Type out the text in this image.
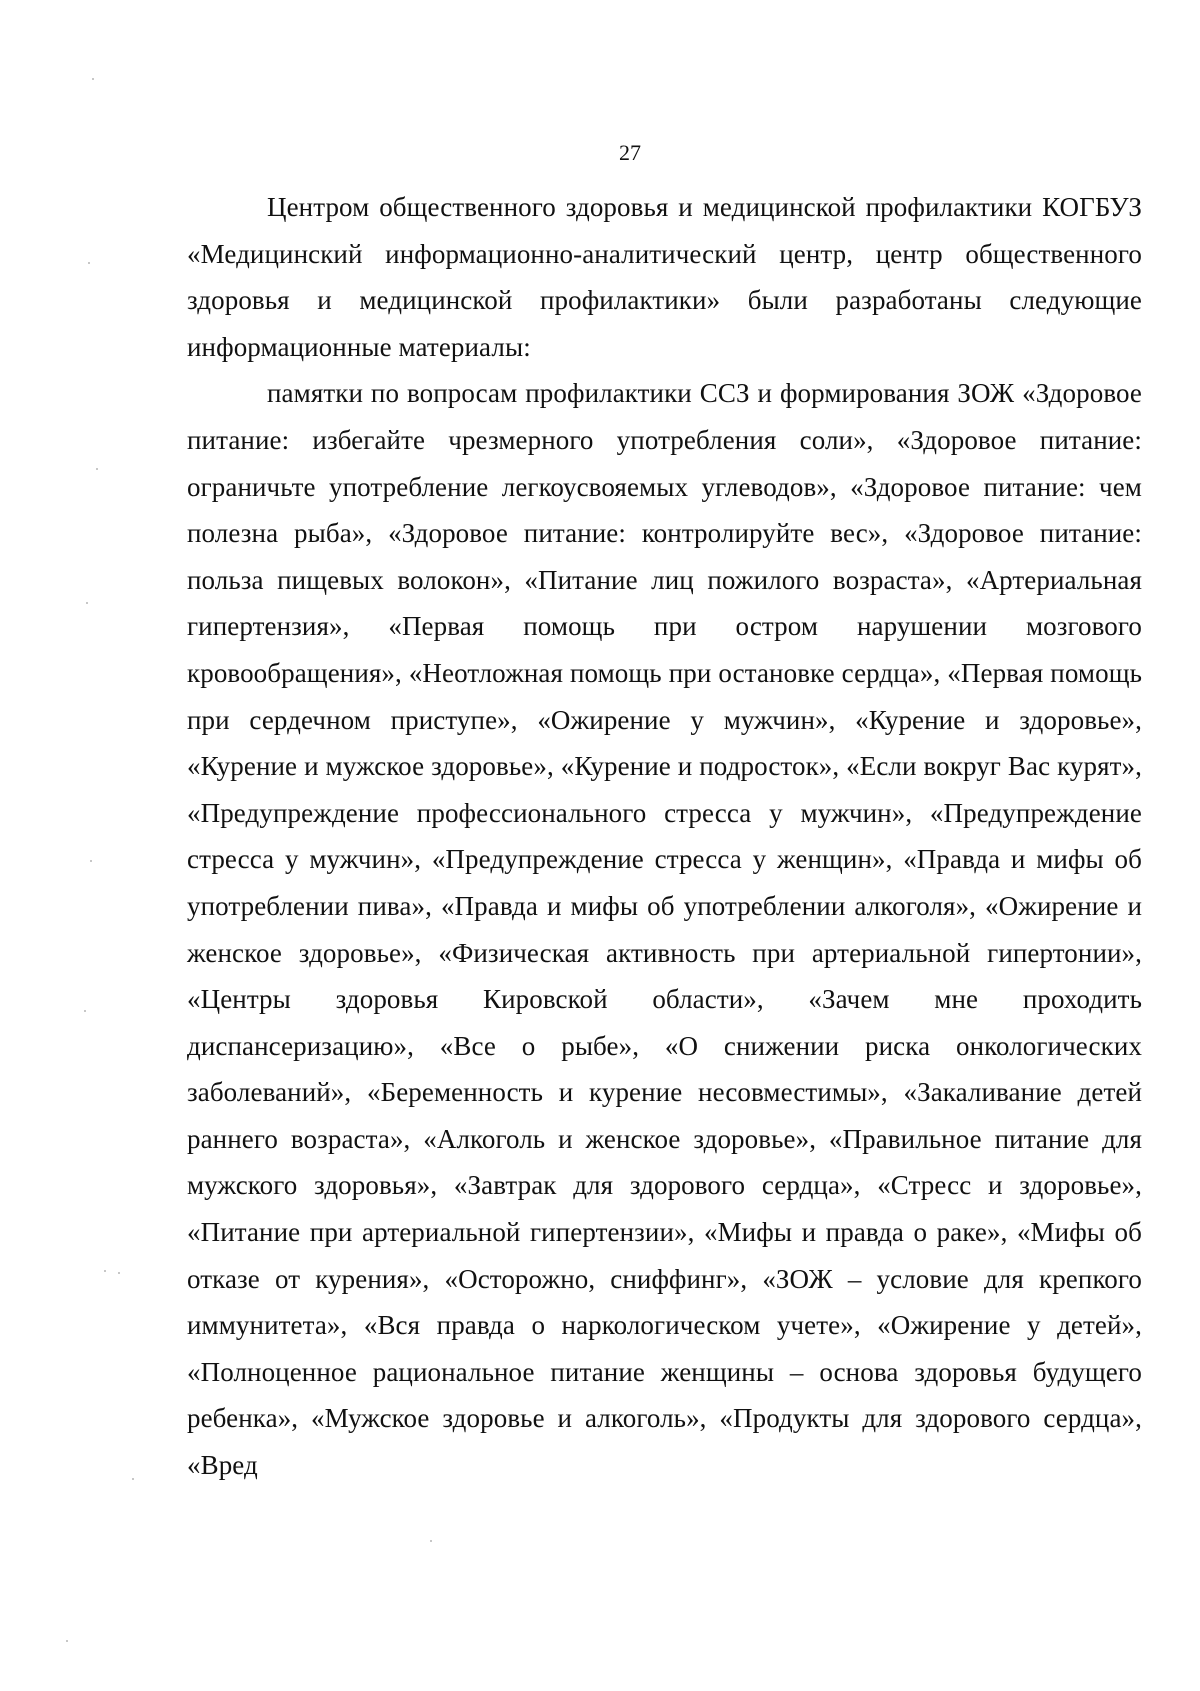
27

Центром общественного здоровья и медицинской профилактики КОГБУЗ «Медицинский информационно-аналитический центр, центр общественного здоровья и медицинской профилактики» были разработаны следующие информационные материалы:

памятки по вопросам профилактики ССЗ и формирования ЗОЖ «Здоровое питание: избегайте чрезмерного употребления соли», «Здоровое питание: ограничьте употребление легкоусвояемых углеводов», «Здоровое питание: чем полезна рыба», «Здоровое питание: контролируйте вес», «Здоровое питание: польза пищевых волокон», «Питание лиц пожилого возраста», «Артериальная гипертензия», «Первая помощь при остром нарушении мозгового кровообращения», «Неотложная помощь при остановке сердца», «Первая помощь при сердечном приступе», «Ожирение у мужчин», «Курение и здоровье», «Курение и мужское здоровье», «Курение и подросток», «Если вокруг Вас курят», «Предупреждение профессионального стресса у мужчин», «Предупреждение стресса у мужчин», «Предупреждение стресса у женщин», «Правда и мифы об употреблении пива», «Правда и мифы об употреблении алкоголя», «Ожирение и женское здоровье», «Физическая активность при артериальной гипертонии», «Центры здоровья Кировской области», «Зачем мне проходить диспансеризацию», «Все о рыбе», «О снижении риска онкологических заболеваний», «Беременность и курение несовместимы», «Закаливание детей раннего возраста», «Алкоголь и женское здоровье», «Правильное питание для мужского здоровья», «Завтрак для здорового сердца», «Стресс и здоровье», «Питание при артериальной гипертензии», «Мифы и правда о раке», «Мифы об отказе от курения», «Осторожно, сниффинг», «ЗОЖ – условие для крепкого иммунитета», «Вся правда о наркологическом учете», «Ожирение у детей», «Полноценное рациональное питание женщины – основа здоровья будущего ребенка», «Мужское здоровье и алкоголь», «Продукты для здорового сердца», «Вред
